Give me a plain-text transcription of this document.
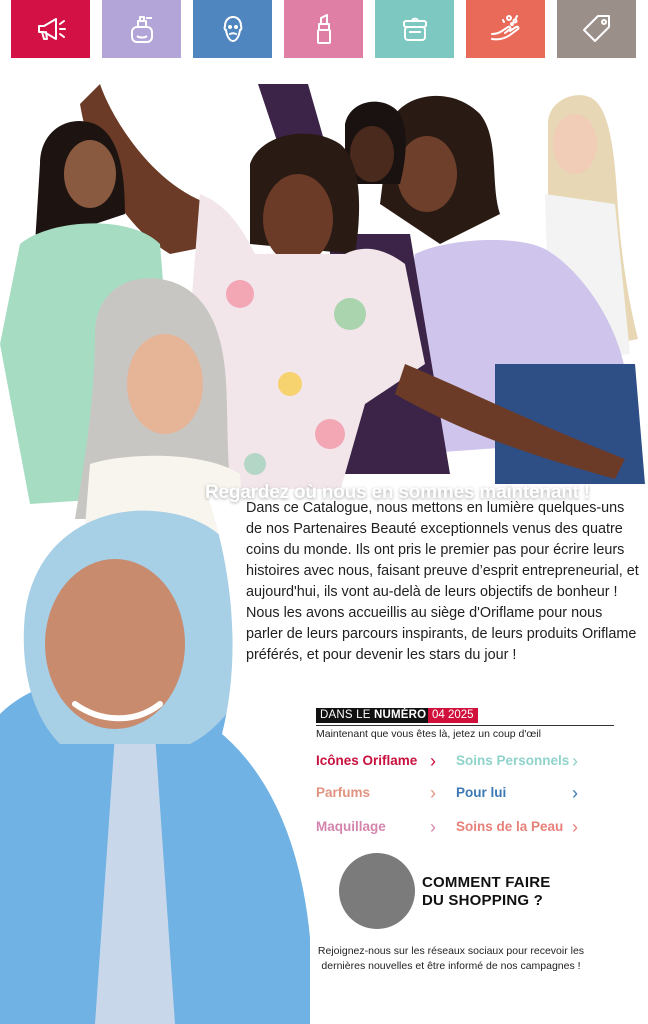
Regardez où nous en sommes maintenant !
Dans ce Catalogue, nous mettons en lumière quelques-uns de nos Partenaires Beauté exceptionnels venus des quatre coins du monde. Ils ont pris le premier pas pour écrire leurs histoires avec nous, faisant preuve d’esprit entrepreneurial, et aujourd'hui, ils vont au-delà de leurs objectifs de bonheur ! Nous les avons accueillis au siège d'Oriflame pour nous parler de leurs parcours inspirants, de leurs produits Oriflame préférés, et pour devenir les stars du jour !
DANS LE NUMÉRO 04 2025
Maintenant que vous êtes là, jetez un coup d'œil
Icônes Oriflame › Soins Personnels ›
Parfums	› Pour lui	›
Maquillage › Soins de la Peau ›
COMMENT FAIRE
DU SHOPPING ?
Rejoignez-nous sur les réseaux sociaux pour recevoir les dernières nouvelles et être informé de nos campagnes !
